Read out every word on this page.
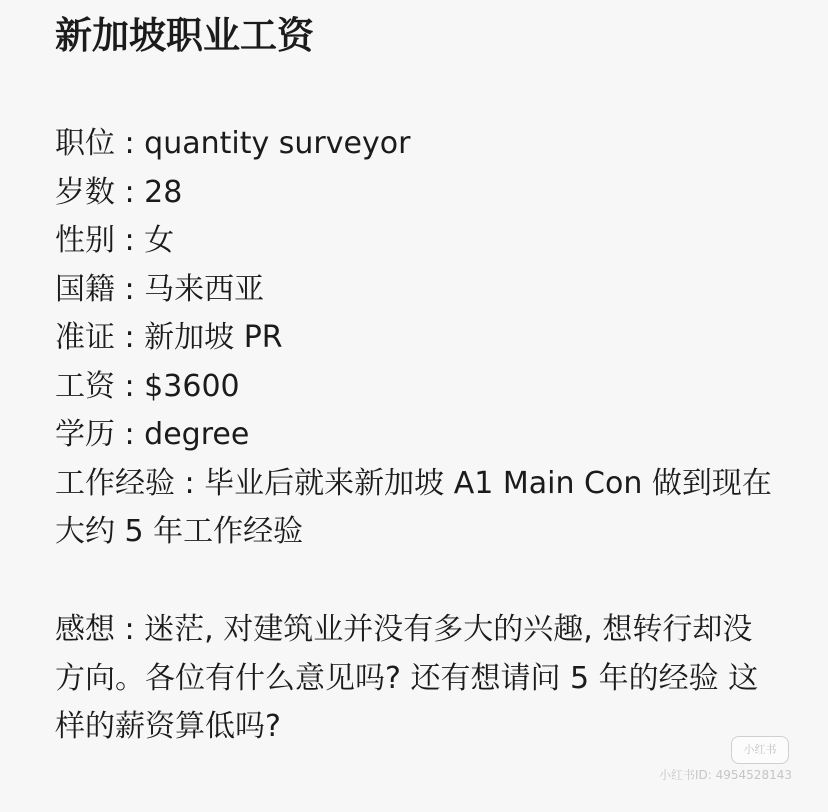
新加坡职业工资
职位 : quantity surveyor
岁数 : 28
性别 : 女
国籍 : 马来西亚
准证 : 新加坡 PR
工资 : $3600
学历 : degree
工作经验 : 毕业后就来新加坡 A1 Main Con 做到现在 大约 5 年工作经验
感想 : 迷茫, 对建筑业并没有多大的兴趣, 想转行却没方向。各位有什么意见吗? 还有想请问 5 年的经验 这样的薪资算低吗?
小红书
小红书ID: 4954528143
